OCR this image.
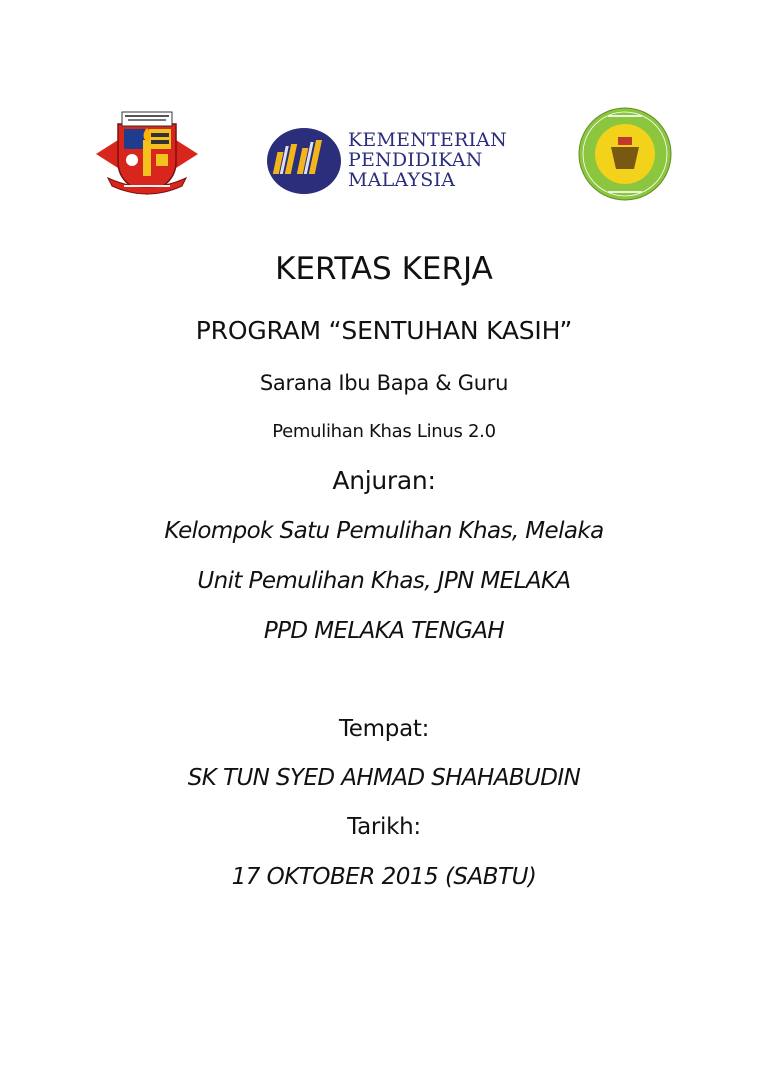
KEMENTERIAN
PENDIDIKAN
MALAYSIA
KERTAS KERJA
PROGRAM “SENTUHAN KASIH”
Sarana Ibu Bapa & Guru
Pemulihan Khas Linus 2.0
Anjuran:
Kelompok Satu Pemulihan Khas, Melaka
Unit Pemulihan Khas, JPN MELAKA
PPD MELAKA TENGAH
Tempat:
SK TUN SYED AHMAD SHAHABUDIN
Tarikh:
17 OKTOBER 2015 (SABTU)
